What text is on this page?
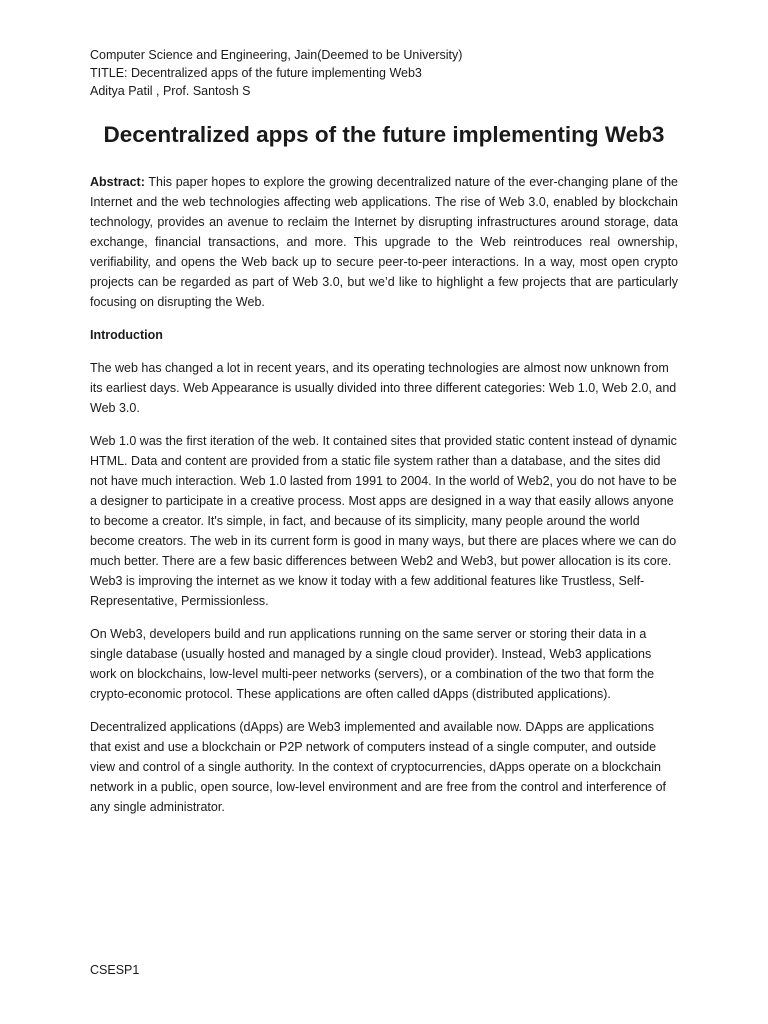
Computer Science and Engineering, Jain(Deemed to be University)

TITLE: Decentralized apps of the future implementing Web3

Aditya Patil , Prof. Santosh S

Decentralized apps of the future implementing Web3

Abstract: This paper hopes to explore the growing decentralized nature of the ever-changing plane of the Internet and the web technologies affecting web applications. The rise of Web 3.0, enabled by blockchain technology, provides an avenue to reclaim the Internet by disrupting infrastructures around storage, data exchange, financial transactions, and more. This upgrade to the Web reintroduces real ownership, verifiability, and opens the Web back up to secure peer-to-peer interactions. In a way, most open crypto projects can be regarded as part of Web 3.0, but we’d like to highlight a few projects that are particularly focusing on disrupting the Web.

Introduction

The web has changed a lot in recent years, and its operating technologies are almost now unknown from its earliest days. Web Appearance is usually divided into three different categories: Web 1.0, Web 2.0, and Web 3.0.

Web 1.0 was the first iteration of the web. It contained sites that provided static content instead of dynamic HTML. Data and content are provided from a static file system rather than a database, and the sites did not have much interaction. Web 1.0 lasted from 1991 to 2004. In the world of Web2, you do not have to be a designer to participate in a creative process. Most apps are designed in a way that easily allows anyone to become a creator. It's simple, in fact, and because of its simplicity, many people around the world become creators. The web in its current form is good in many ways, but there are places where we can do much better. There are a few basic differences between Web2 and Web3, but power allocation is its core. Web3 is improving the internet as we know it today with a few additional features like Trustless, Self-Representative, Permissionless.

On Web3, developers build and run applications running on the same server or storing their data in a single database (usually hosted and managed by a single cloud provider). Instead, Web3 applications work on blockchains, low-level multi-peer networks (servers), or a combination of the two that form the crypto-economic protocol. These applications are often called dApps (distributed applications).

Decentralized applications (dApps) are Web3 implemented and available now. DApps are applications that exist and use a blockchain or P2P network of computers instead of a single computer, and outside view and control of a single authority. In the context of cryptocurrencies, dApps operate on a blockchain network in a public, open source, low-level environment and are free from the control and interference of any single administrator.

CSESP1
